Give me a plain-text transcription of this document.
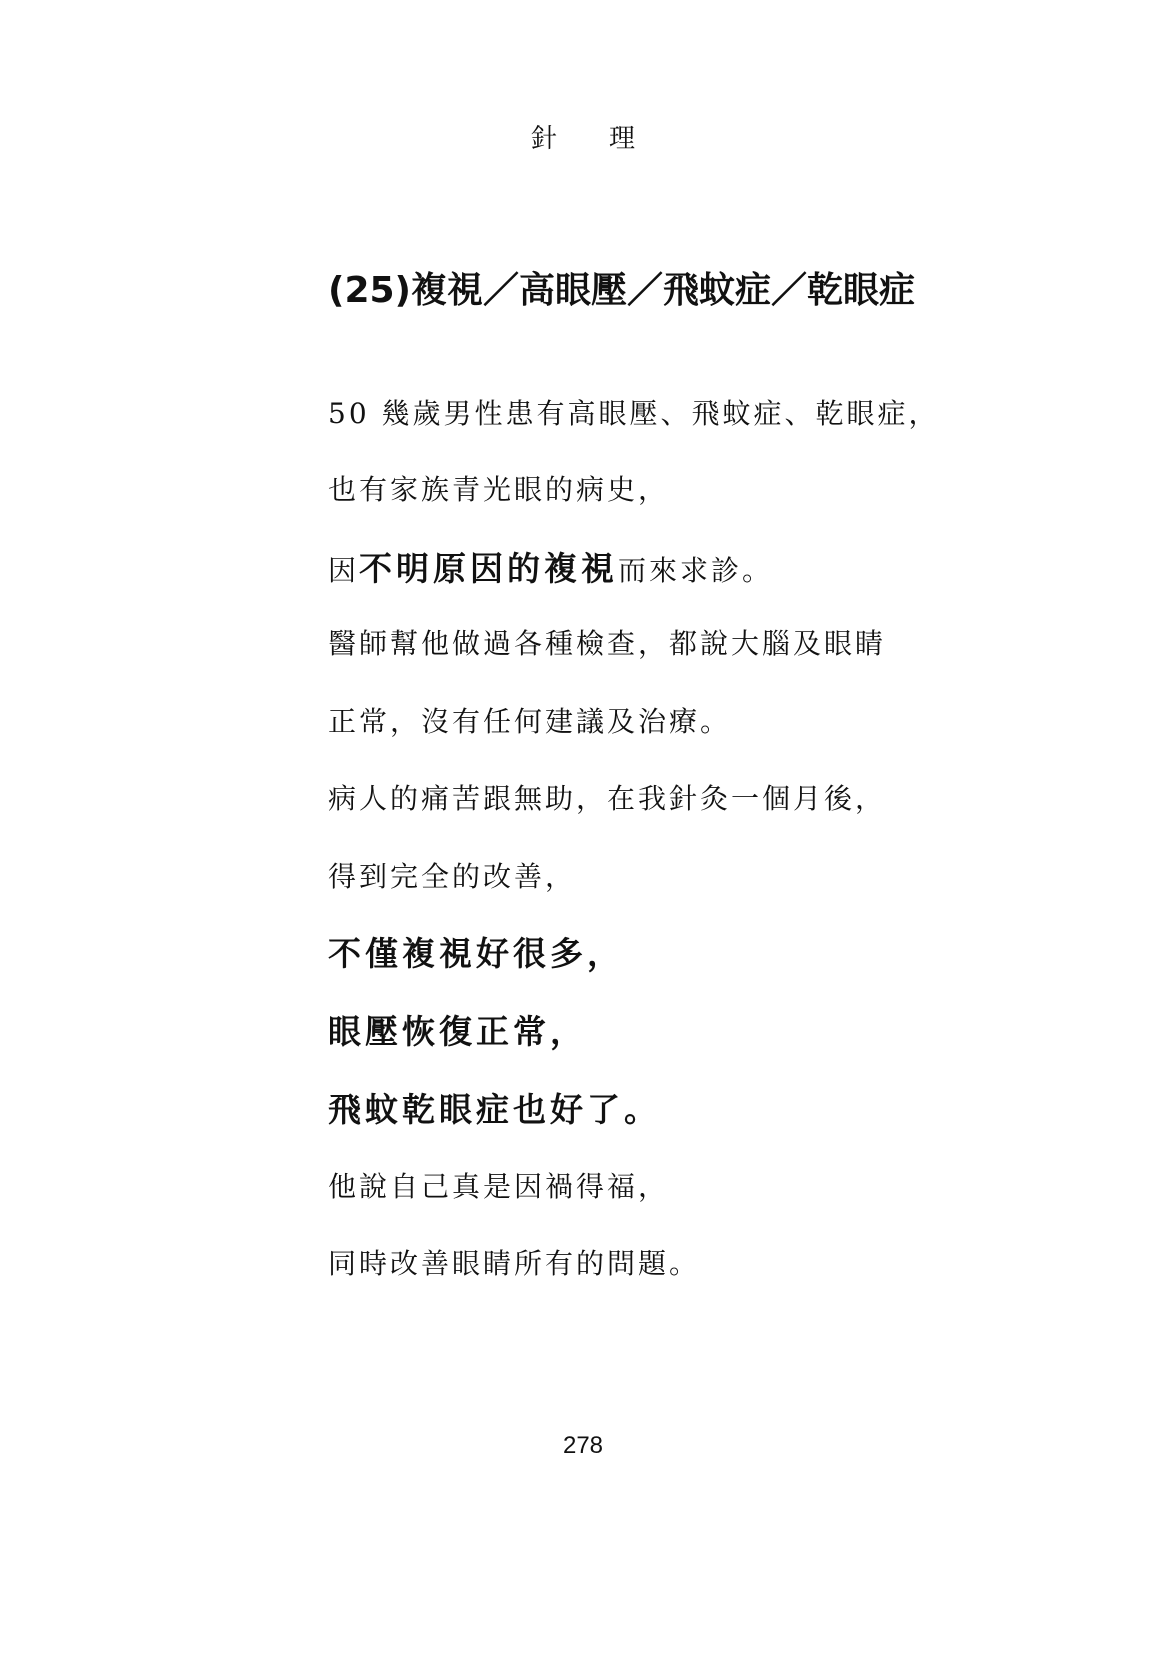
針理
(25)複視／高眼壓／飛蚊症／乾眼症
50 幾歲男性患有高眼壓、飛蚊症、乾眼症，
也有家族青光眼的病史，
因不明原因的複視而來求診。
醫師幫他做過各種檢查，都說大腦及眼睛
正常，沒有任何建議及治療。
病人的痛苦跟無助，在我針灸一個月後，
得到完全的改善，
不僅複視好很多，
眼壓恢復正常，
飛蚊乾眼症也好了。
他說自己真是因禍得福，
同時改善眼睛所有的問題。
278
